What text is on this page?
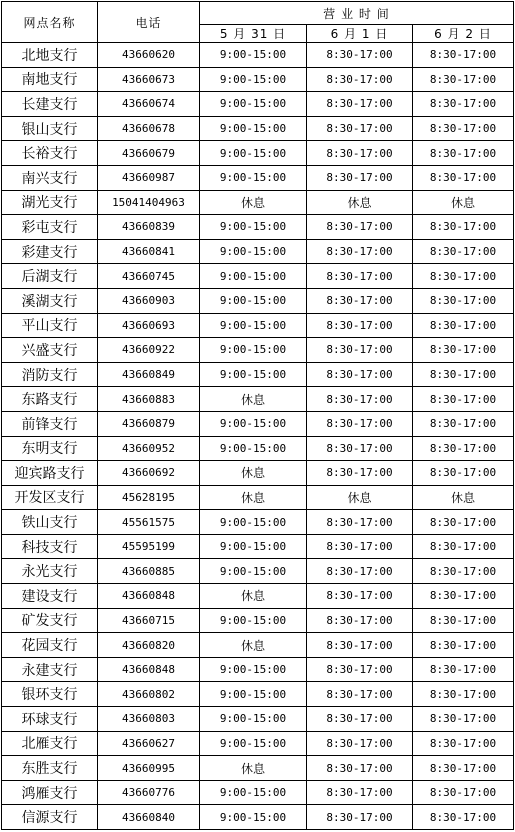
网点名称	电话	营 业 时 间		
		5 月 31 日	6 月 1 日	6 月 2 日
北地支行	43660620	9:00-15:00	8:30-17:00	8:30-17:00
南地支行	43660673	9:00-15:00	8:30-17:00	8:30-17:00
长建支行	43660674	9:00-15:00	8:30-17:00	8:30-17:00
银山支行	43660678	9:00-15:00	8:30-17:00	8:30-17:00
长裕支行	43660679	9:00-15:00	8:30-17:00	8:30-17:00
南兴支行	43660987	9:00-15:00	8:30-17:00	8:30-17:00
湖光支行	15041404963	休息	休息	休息
彩屯支行	43660839	9:00-15:00	8:30-17:00	8:30-17:00
彩建支行	43660841	9:00-15:00	8:30-17:00	8:30-17:00
后湖支行	43660745	9:00-15:00	8:30-17:00	8:30-17:00
溪湖支行	43660903	9:00-15:00	8:30-17:00	8:30-17:00
平山支行	43660693	9:00-15:00	8:30-17:00	8:30-17:00
兴盛支行	43660922	9:00-15:00	8:30-17:00	8:30-17:00
消防支行	43660849	9:00-15:00	8:30-17:00	8:30-17:00
东路支行	43660883	休息	8:30-17:00	8:30-17:00
前锋支行	43660879	9:00-15:00	8:30-17:00	8:30-17:00
东明支行	43660952	9:00-15:00	8:30-17:00	8:30-17:00
迎宾路支行	43660692	休息	8:30-17:00	8:30-17:00
开发区支行	45628195	休息	休息	休息
铁山支行	45561575	9:00-15:00	8:30-17:00	8:30-17:00
科技支行	45595199	9:00-15:00	8:30-17:00	8:30-17:00
永光支行	43660885	9:00-15:00	8:30-17:00	8:30-17:00
建设支行	43660848	休息	8:30-17:00	8:30-17:00
矿发支行	43660715	9:00-15:00	8:30-17:00	8:30-17:00
花园支行	43660820	休息	8:30-17:00	8:30-17:00
永建支行	43660848	9:00-15:00	8:30-17:00	8:30-17:00
银环支行	43660802	9:00-15:00	8:30-17:00	8:30-17:00
环球支行	43660803	9:00-15:00	8:30-17:00	8:30-17:00
北雁支行	43660627	9:00-15:00	8:30-17:00	8:30-17:00
东胜支行	43660995	休息	8:30-17:00	8:30-17:00
鸿雁支行	43660776	9:00-15:00	8:30-17:00	8:30-17:00
信源支行	43660840	9:00-15:00	8:30-17:00	8:30-17:00
